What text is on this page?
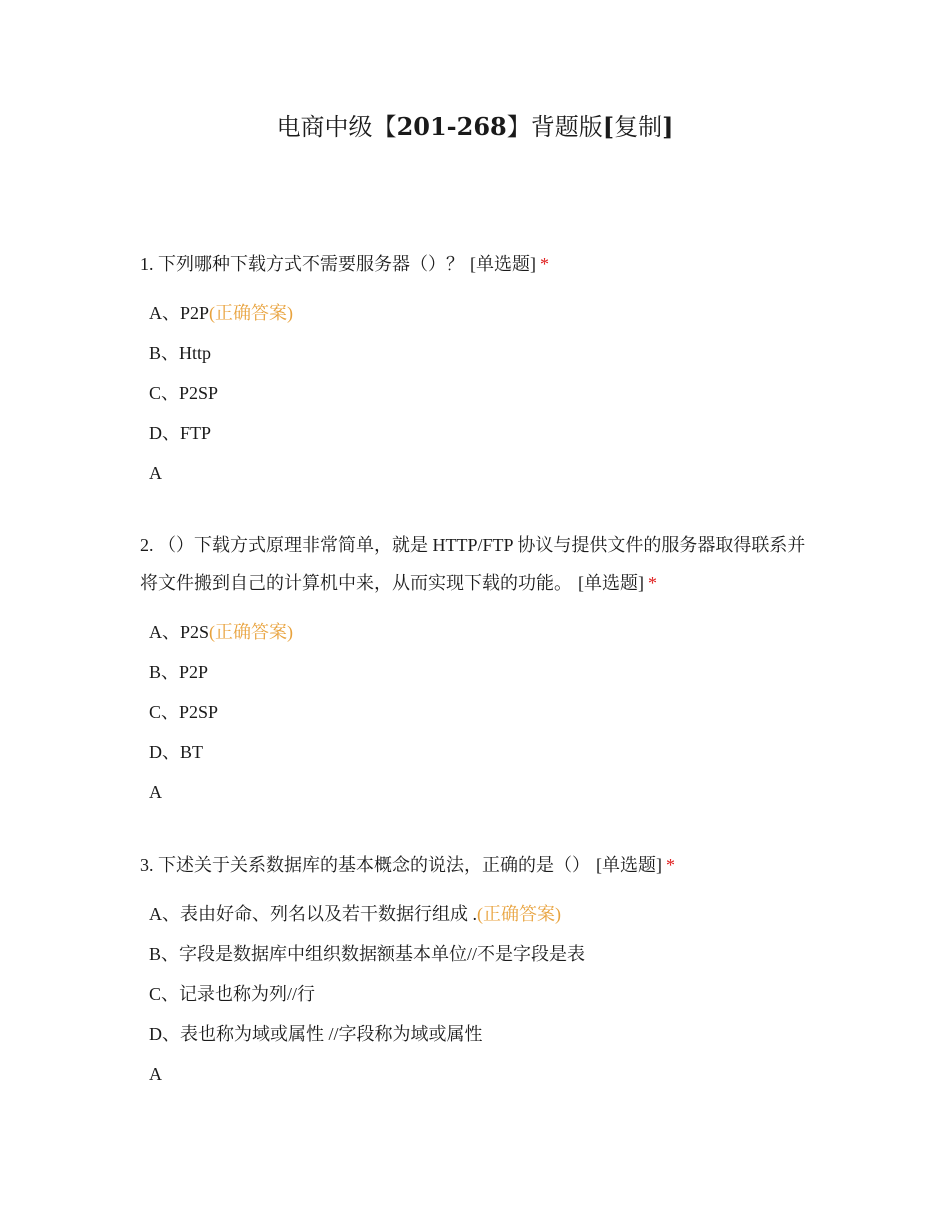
电商中级【201-268】背题版[复制]

1. 下列哪种下载方式不需要服务器（）？ [单选题] *

A、P2P(正确答案)
B、Http
C、P2SP
D、FTP
A

2. （）下载方式原理非常简单，就是 HTTP/FTP 协议与提供文件的服务器取得联系并将文件搬到自己的计算机中来，从而实现下载的功能。 [单选题] *

A、P2S(正确答案)
B、P2P
C、P2SP
D、BT
A

3. 下述关于关系数据库的基本概念的说法，正确的是（） [单选题] *

A、表由好命、列名以及若干数据行组成 .(正确答案)
B、字段是数据库中组织数据额基本单位//不是字段是表
C、记录也称为列//行
D、表也称为域或属性 //字段称为域或属性
A
